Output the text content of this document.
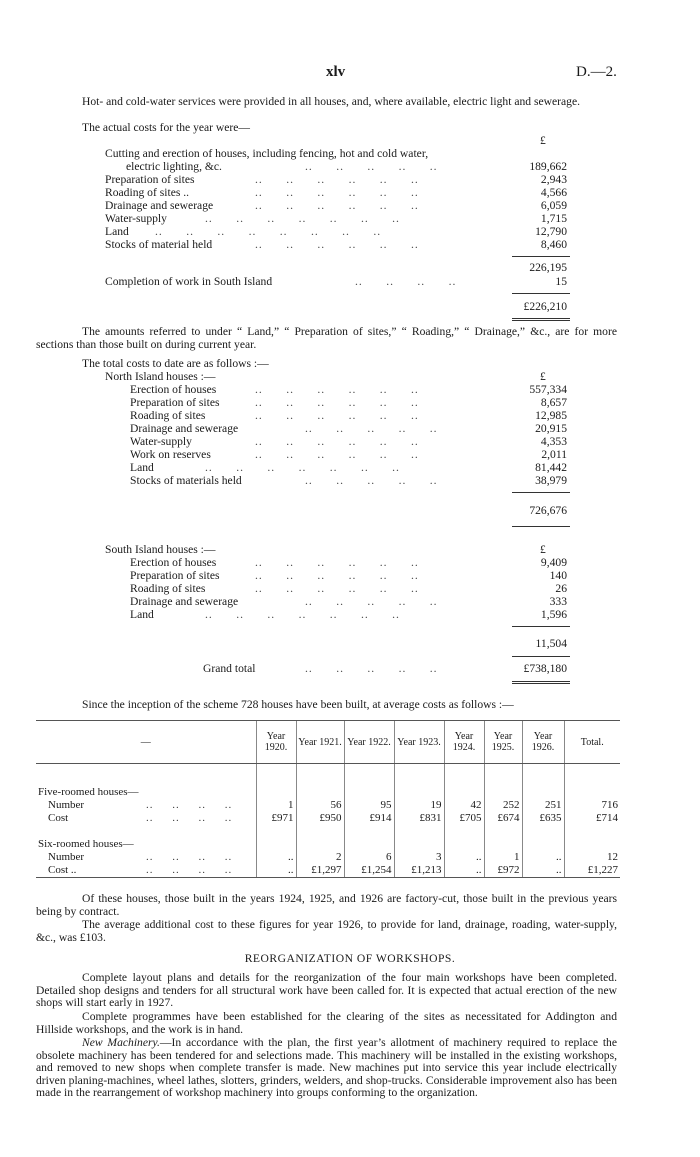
xlv	D.—2.
Hot- and cold-water services were provided in all houses, and, where available, electric light and sewerage.
The actual costs for the year were—
£
Cutting and erection of houses, including fencing, hot and cold water,
electric lighting, &c.	..      ..      ..      ..      ..	189,662
Preparation of sites	..      ..      ..      ..      ..      ..	2,943
Roading of sites ..	..      ..      ..      ..      ..      ..	4,566
Drainage and sewerage	..      ..      ..      ..      ..      ..	6,059
Water-supply	..      ..      ..      ..      ..      ..      ..	1,715
Land ..      ..      ..      ..      ..      ..      ..      ..	12,790
Stocks of material held	..      ..      ..      ..      ..      ..	8,460
226,195
Completion of work in South Island	..      ..      ..      ..	15
£226,210
The amounts referred to under “ Land,” “ Preparation of sites,” “ Roading,” “ Drainage,” &c., are for more sections than those built on during current year.
The total costs to date are as follows :—
North Island houses :—	£
Erection of houses	..      ..      ..      ..      ..      ..	557,334
Preparation of sites	..      ..      ..      ..      ..      ..	8,657
Roading of sites	..      ..      ..      ..      ..      ..	12,985
Drainage and sewerage	..      ..      ..      ..      ..	20,915
Water-supply	..      ..      ..      ..      ..      ..	4,353
Work on reserves	..      ..      ..      ..      ..      ..	2,011
Land	..      ..      ..      ..      ..      ..      ..	81,442
Stocks of materials held	..      ..      ..      ..      ..	38,979
726,676
South Island houses :—	£
Erection of houses	..      ..      ..      ..      ..      ..	9,409
Preparation of sites	..      ..      ..      ..      ..      ..	140
Roading of sites	..      ..      ..      ..      ..      ..	26
Drainage and sewerage	..      ..      ..      ..      ..	333
Land	..      ..      ..      ..      ..      ..      ..	1,596
11,504
Grand total	..      ..      ..      ..      ..	£738,180
Since the inception of the scheme 728 houses have been built, at average costs as follows :—
—	Year 1920.	Year 1921.	Year 1922.	Year 1923.	Year 1924.	Year 1925.	Year 1926.	Total.

Five-roomed houses—								
Number ..     ..     ..     ..	1	56	95	19	42	252	251	716
Cost ..     ..     ..     ..	£971	£950	£914	£831	£705	£674	£635	£714

Six-roomed houses—								
Number ..     ..     ..     ..	..	2	6	3	..	1	..	12
Cost .. ..     ..     ..     ..	..	£1,297	£1,254	£1,213	..	£972	..	£1,227
Of these houses, those built in the years 1924, 1925, and 1926 are factory-cut, those built in the previous years being by contract.
The average additional cost to these figures for year 1926, to provide for land, drainage, roading, water-supply, &c., was £103.
REORGANIZATION OF WORKSHOPS.
Complete layout plans and details for the reorganization of the four main workshops have been completed. Detailed shop designs and tenders for all structural work have been called for. It is expected that actual erection of the new shops will start early in 1927.
Complete programmes have been established for the clearing of the sites as necessitated for Addington and Hillside workshops, and the work is in hand.
New Machinery.—In accordance with the plan, the first year’s allotment of machinery required to replace the obsolete machinery has been tendered for and selections made. This machinery will be installed in the existing workshops, and removed to new shops when complete transfer is made. New machines put into service this year include electrically driven planing-machines, wheel lathes, slotters, grinders, welders, and shop-trucks. Considerable improvement also has been made in the rearrangement of workshop machinery into groups conforming to the organization.
